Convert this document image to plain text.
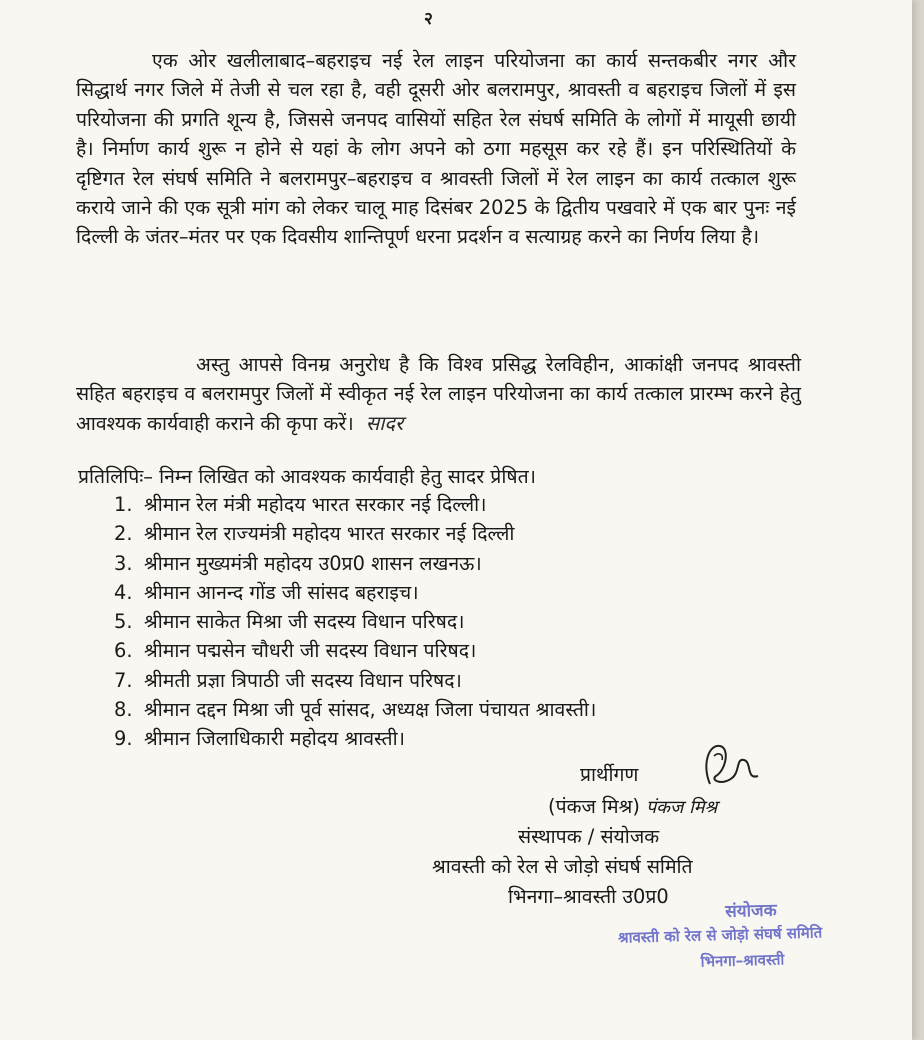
२

एक ओर खलीलाबाद–बहराइच नई रेल लाइन परियोजना का कार्य सन्तकबीर नगर और सिद्धार्थ नगर जिले में तेजी से चल रहा है, वही दूसरी ओर बलरामपुर, श्रावस्ती व बहराइच जिलों में इस परियोजना की प्रगति शून्य है, जिससे जनपद वासियों सहित रेल संघर्ष समिति के लोगों में मायूसी छायी है। निर्माण कार्य शुरू न होने से यहां के लोग अपने को ठगा महसूस कर रहे हैं। इन परिस्थितियों के दृष्टिगत रेल संघर्ष समिति ने बलरामपुर–बहराइच व श्रावस्ती जिलों में रेल लाइन का कार्य तत्काल शुरू कराये जाने की एक सूत्री मांग को लेकर चालू माह दिसंबर 2025 के द्वितीय पखवारे में एक बार पुनः नई दिल्ली के जंतर–मंतर पर एक दिवसीय शान्तिपूर्ण धरना प्रदर्शन व सत्याग्रह करने का निर्णय लिया है।

अस्तु आपसे विनम्र अनुरोध है कि विश्व प्रसिद्ध रेलविहीन, आकांक्षी जनपद श्रावस्ती सहित बहराइच व बलरामपुर जिलों में स्वीकृत नई रेल लाइन परियोजना का कार्य तत्काल प्रारम्भ करने हेतु आवश्यक कार्यवाही कराने की कृपा करें। सादर

प्रतिलिपिः– निम्न लिखित को आवश्यक कार्यवाही हेतु सादर प्रेषित।
1. श्रीमान रेल मंत्री महोदय भारत सरकार नई दिल्ली।
2. श्रीमान रेल राज्यमंत्री महोदय भारत सरकार नई दिल्ली
3. श्रीमान मुख्यमंत्री महोदय उ0प्र0 शासन लखनऊ।
4. श्रीमान आनन्द गोंड जी सांसद बहराइच।
5. श्रीमान साकेत मिश्रा जी सदस्य विधान परिषद।
6. श्रीमान पद्मसेन चौधरी जी सदस्य विधान परिषद।
7. श्रीमती प्रज्ञा त्रिपाठी जी सदस्य विधान परिषद।
8. श्रीमान दद्दन मिश्रा जी पूर्व सांसद, अध्यक्ष जिला पंचायत श्रावस्ती।
9. श्रीमान जिलाधिकारी महोदय श्रावस्ती।
प्रार्थीगण
(पंकज मिश्र) पंकज मिश्र
संस्थापक / संयोजक
श्रावस्ती को रेल से जोड़ो संघर्ष समिति
भिनगा–श्रावस्ती उ0प्र0
संयोजक
श्रावस्ती को रेल से जोड़ो संघर्ष समिति
भिनगा–श्रावस्ती
